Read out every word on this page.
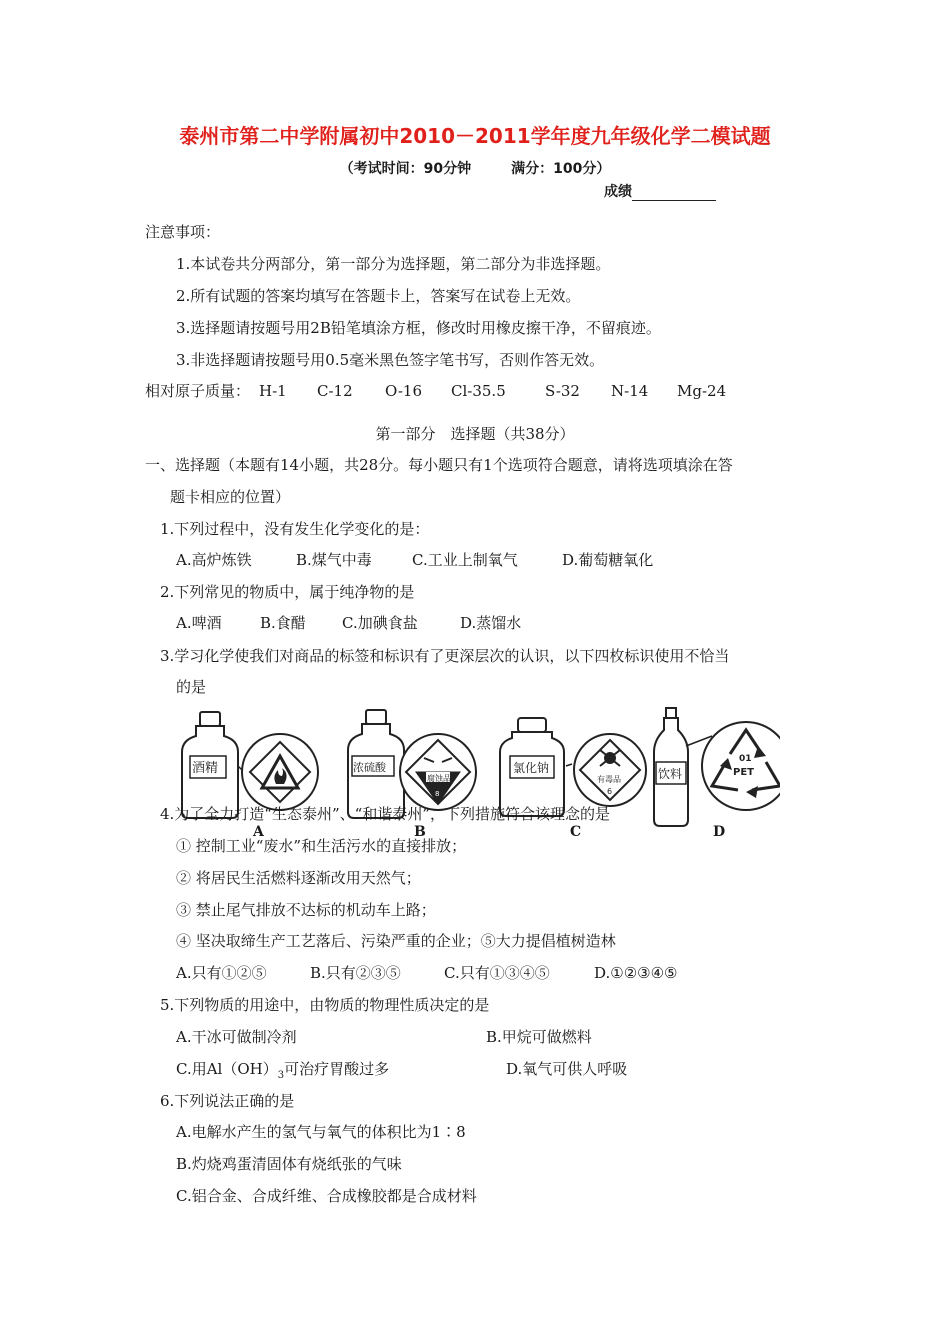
泰州市第二中学附属初中2010－2011学年度九年级化学二模试题
（考试时间：90分钟	满分：100分）
成绩
注意事项：
1.本试卷共分两部分，第一部分为选择题，第二部分为非选择题。
2.所有试题的答案均填写在答题卡上，答案写在试卷上无效。
3.选择题请按题号用2B铅笔填涂方框，修改时用橡皮擦干净，不留痕迹。
3.非选择题请按题号用0.5毫米黑色签字笔书写，否则作答无效。
相对原子质量： H-1 C-12 O-16 Cl-35.5	S-32 N-14 Mg-24
第一部分　选择题（共38分）
一、选择题（本题有14小题，共28分。每小题只有1个选项符合题意，请将选项填涂在答
题卡相应的位置）
1.下列过程中，没有发生化学变化的是：
A.高炉炼铁	B.煤气中毒	C.工业上制氧气	D.葡萄糖氧化
2.下列常见的物质中，属于纯净物的是
A.啤酒	B.食醋 C.加碘食盐	D.蒸馏水
3.学习化学使我们对商品的标签和标识有了更深层次的认识，以下四枚标识使用不恰当
的是
酒精	浓硫酸	氯化钠	饮料
腐蚀品
8
有毒品
6
01
PET
A	B	C	D
4.为了全力打造“生态泰州”、“和谐泰州”，下列措施符合该理念的是
① 控制工业“废水”和生活污水的直接排放；
② 将居民生活燃料逐渐改用天然气；
③ 禁止尾气排放不达标的机动车上路；
④ 坚决取缔生产工艺落后、污染严重的企业；⑤大力提倡植树造林
A.只有①②⑤	B.只有②③⑤	C.只有①③④⑤	D.①②③④⑤
5.下列物质的用途中，由物质的物理性质决定的是
A.干冰可做制冷剂	B.甲烷可做燃料
C.用$Al(OH)_3$可治疗胃酸过多	D.氧气可供人呼吸
6.下列说法正确的是
A.电解水产生的氢气与氧气的体积比为1∶8
B.灼烧鸡蛋清固体有烧纸张的气味
C.铝合金、合成纤维、合成橡胶都是合成材料
